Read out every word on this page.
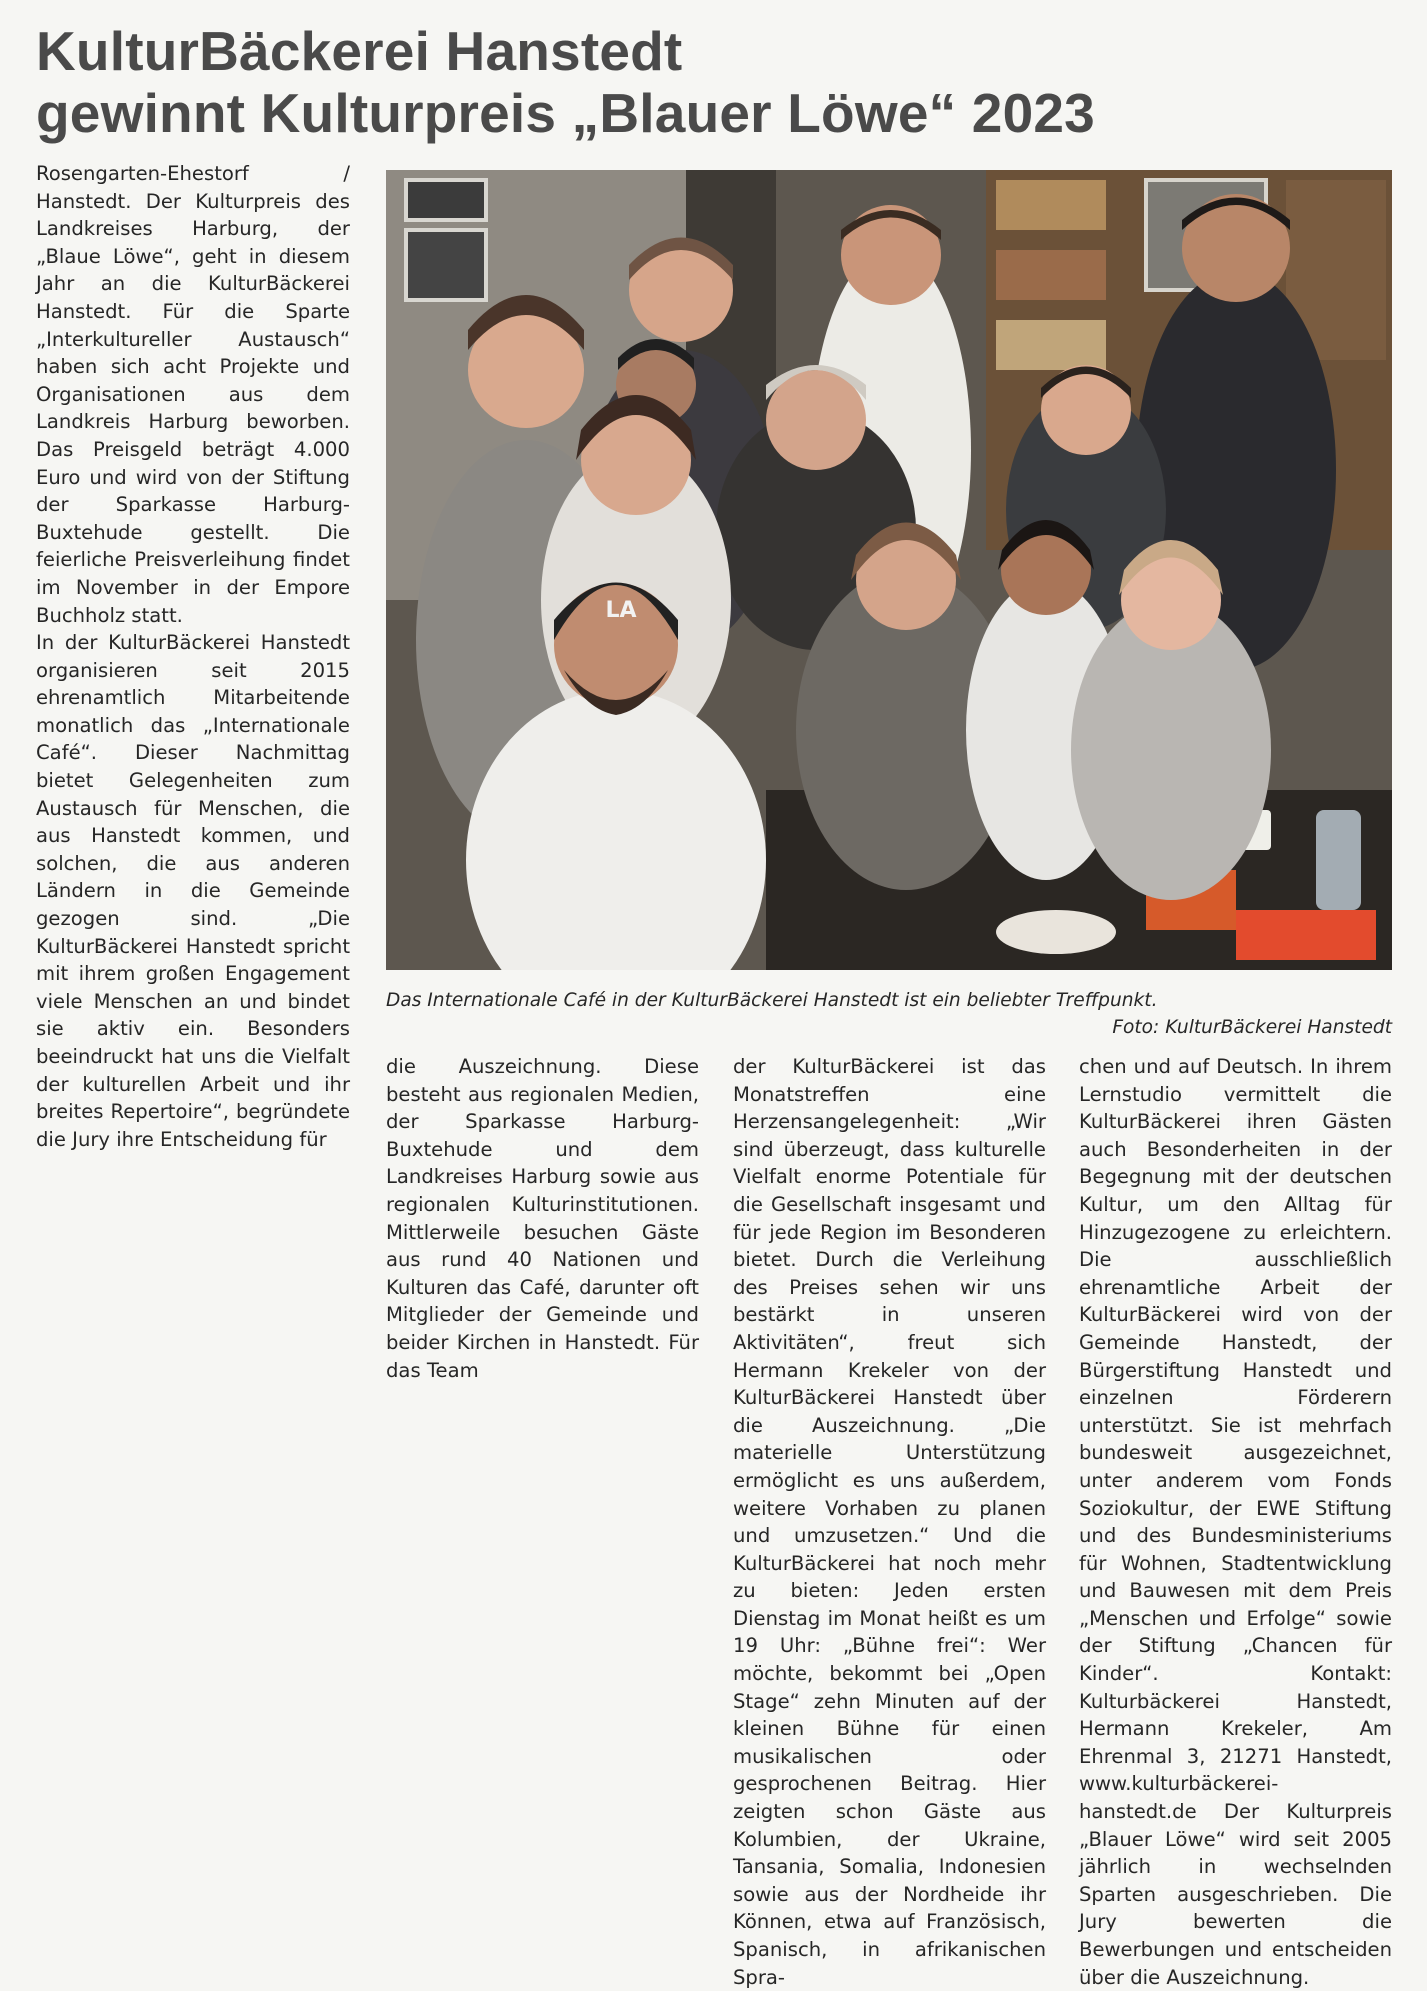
KulturBäckerei Hanstedt
gewinnt Kulturpreis „Blauer Löwe“ 2023

Rosengarten-Ehestorf / Hanstedt. Der Kulturpreis des Landkreises Harburg, der „Blaue Löwe“, geht in diesem Jahr an die KulturBäckerei Hanstedt. Für die Sparte „Interkultureller Austausch“ haben sich acht Projekte und Organisationen aus dem Landkreis Harburg beworben. Das Preisgeld beträgt 4.000 Euro und wird von der Stiftung der Sparkasse Harburg-Buxtehude gestellt. Die feierliche Preisverleihung findet im November in der Empore Buchholz statt.

In der KulturBäckerei Hanstedt organisieren seit 2015 ehrenamtlich Mitarbeitende monatlich das „Internationale Café“. Dieser Nachmittag bietet Gelegenheiten zum Austausch für Menschen, die aus Hanstedt kommen, und solchen, die aus anderen Ländern in die Gemeinde gezogen sind. „Die KulturBäckerei Hanstedt spricht mit ihrem großen Engagement viele Menschen an und bindet sie aktiv ein. Besonders beeindruckt hat uns die Vielfalt der kulturellen Arbeit und ihr breites Repertoire“, begründete die Jury ihre Entscheidung für

LA

Das Internationale Café in der KulturBäckerei Hanstedt ist ein beliebter Treffpunkt.

Foto: KulturBäckerei Hanstedt

die Auszeichnung. Diese besteht aus regionalen Medien, der Sparkasse Harburg-Buxtehude und dem Landkreises Harburg sowie aus regionalen Kulturinstitutionen. Mittlerweile besuchen Gäste aus rund 40 Nationen und Kulturen das Café, darunter oft Mitglieder der Gemeinde und beider Kirchen in Hanstedt. Für das Team

der KulturBäckerei ist das Monatstreffen eine Herzensangelegenheit: „Wir sind überzeugt, dass kulturelle Vielfalt enorme Potentiale für die Gesellschaft insgesamt und für jede Region im Besonderen bietet. Durch die Verleihung des Preises sehen wir uns bestärkt in unseren Aktivitäten“, freut sich Hermann Krekeler von der KulturBäckerei Hanstedt über die Auszeichnung. „Die materielle Unterstützung ermöglicht es uns außerdem, weitere Vorhaben zu planen und umzusetzen.“ Und die KulturBäckerei hat noch mehr zu bieten: Jeden ersten Dienstag im Monat heißt es um 19 Uhr: „Bühne frei“: Wer möchte, bekommt bei „Open Stage“ zehn Minuten auf der kleinen Bühne für einen musikalischen oder gesprochenen Beitrag. Hier zeigten schon Gäste aus Kolumbien, der Ukraine, Tansania, Somalia, Indonesien sowie aus der Nordheide ihr Können, etwa auf Französisch, Spanisch, in afrikanischen Spra-

chen und auf Deutsch. In ihrem Lernstudio vermittelt die KulturBäckerei ihren Gästen auch Besonderheiten in der Begegnung mit der deutschen Kultur, um den Alltag für Hinzugezogene zu erleichtern. Die ausschließlich ehrenamtliche Arbeit der KulturBäckerei wird von der Gemeinde Hanstedt, der Bürgerstiftung Hanstedt und einzelnen Förderern unterstützt. Sie ist mehrfach bundesweit ausgezeichnet, unter anderem vom Fonds Soziokultur, der EWE Stiftung und des Bundesministeriums für Wohnen, Stadtentwicklung und Bauwesen mit dem Preis „Menschen und Erfolge“ sowie der Stiftung „Chancen für Kinder“. Kontakt: Kulturbäckerei Hanstedt, Hermann Krekeler, Am Ehrenmal 3, 21271 Hanstedt, www.kulturbäckerei-hanstedt.de Der Kulturpreis „Blauer Löwe“ wird seit 2005 jährlich in wechselnden Sparten ausgeschrieben. Die Jury bewerten die Bewerbungen und entscheiden über die Auszeichnung.
